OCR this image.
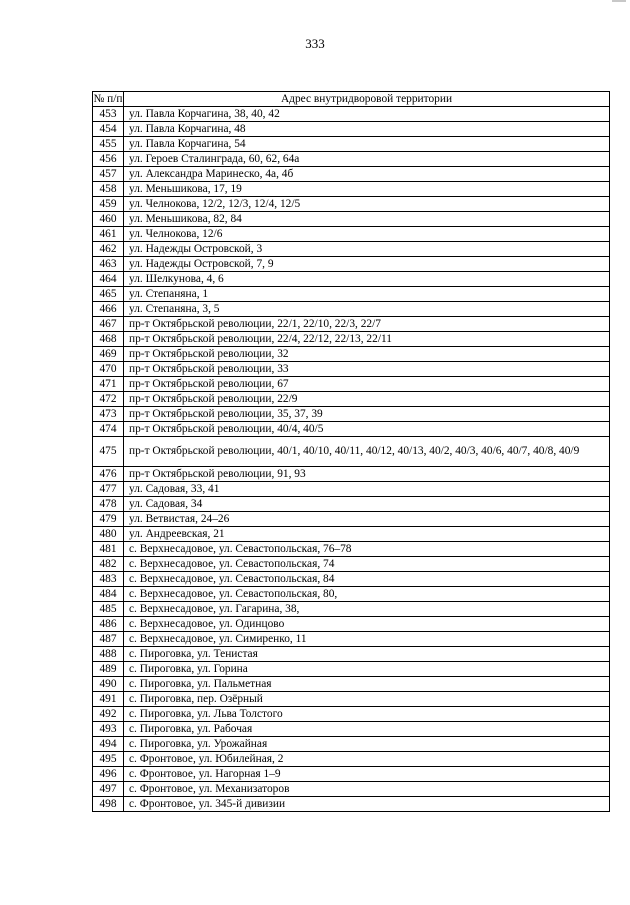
333
№ п/п	Адрес внутридворовой территории
453	ул. Павла Корчагина, 38, 40, 42
454	ул. Павла Корчагина, 48
455	ул. Павла Корчагина, 54
456	ул. Героев Сталинграда, 60, 62, 64а
457	ул. Александра Маринеско, 4а, 4б
458	ул. Меньшикова, 17, 19
459	ул. Челнокова, 12/2, 12/3, 12/4, 12/5
460	ул. Меньшикова, 82, 84
461	ул. Челнокова, 12/6
462	ул. Надежды Островской, 3
463	ул. Надежды Островской, 7, 9
464	ул. Шелкунова, 4, 6
465	ул. Степаняна, 1
466	ул. Степаняна, 3, 5
467	пр-т Октябрьской революции, 22/1, 22/10, 22/3, 22/7
468	пр-т Октябрьской революции, 22/4, 22/12, 22/13, 22/11
469	пр-т Октябрьской революции, 32
470	пр-т Октябрьской революции, 33
471	пр-т Октябрьской революции, 67
472	пр-т Октябрьской революции, 22/9
473	пр-т Октябрьской революции, 35, 37, 39
474	пр-т Октябрьской революции, 40/4, 40/5
475	пр-т Октябрьской революции, 40/1, 40/10, 40/11, 40/12, 40/13, 40/2, 40/3, 40/6, 40/7, 40/8, 40/9
476	пр-т Октябрьской революции, 91, 93
477	ул. Садовая, 33, 41
478	ул. Садовая, 34
479	ул. Ветвистая, 24–26
480	ул. Андреевская, 21
481	с. Верхнесадовое, ул. Севастопольская, 76–78
482	с. Верхнесадовое, ул. Севастопольская, 74
483	с. Верхнесадовое, ул. Севастопольская, 84
484	с. Верхнесадовое, ул. Севастопольская, 80,
485	с. Верхнесадовое, ул. Гагарина, 38,
486	с. Верхнесадовое, ул. Одинцово
487	с. Верхнесадовое, ул. Симиренко, 11
488	с. Пироговка, ул. Тенистая
489	с. Пироговка, ул. Горина
490	с. Пироговка, ул. Пальметная
491	с. Пироговка, пер. Озёрный
492	с. Пироговка, ул. Льва Толстого
493	с. Пироговка, ул. Рабочая
494	с. Пироговка, ул. Урожайная
495	с. Фронтовое, ул. Юбилейная, 2
496	с. Фронтовое, ул. Нагорная 1–9
497	с. Фронтовое, ул. Механизаторов
498	с. Фронтовое, ул. 345-й дивизии
